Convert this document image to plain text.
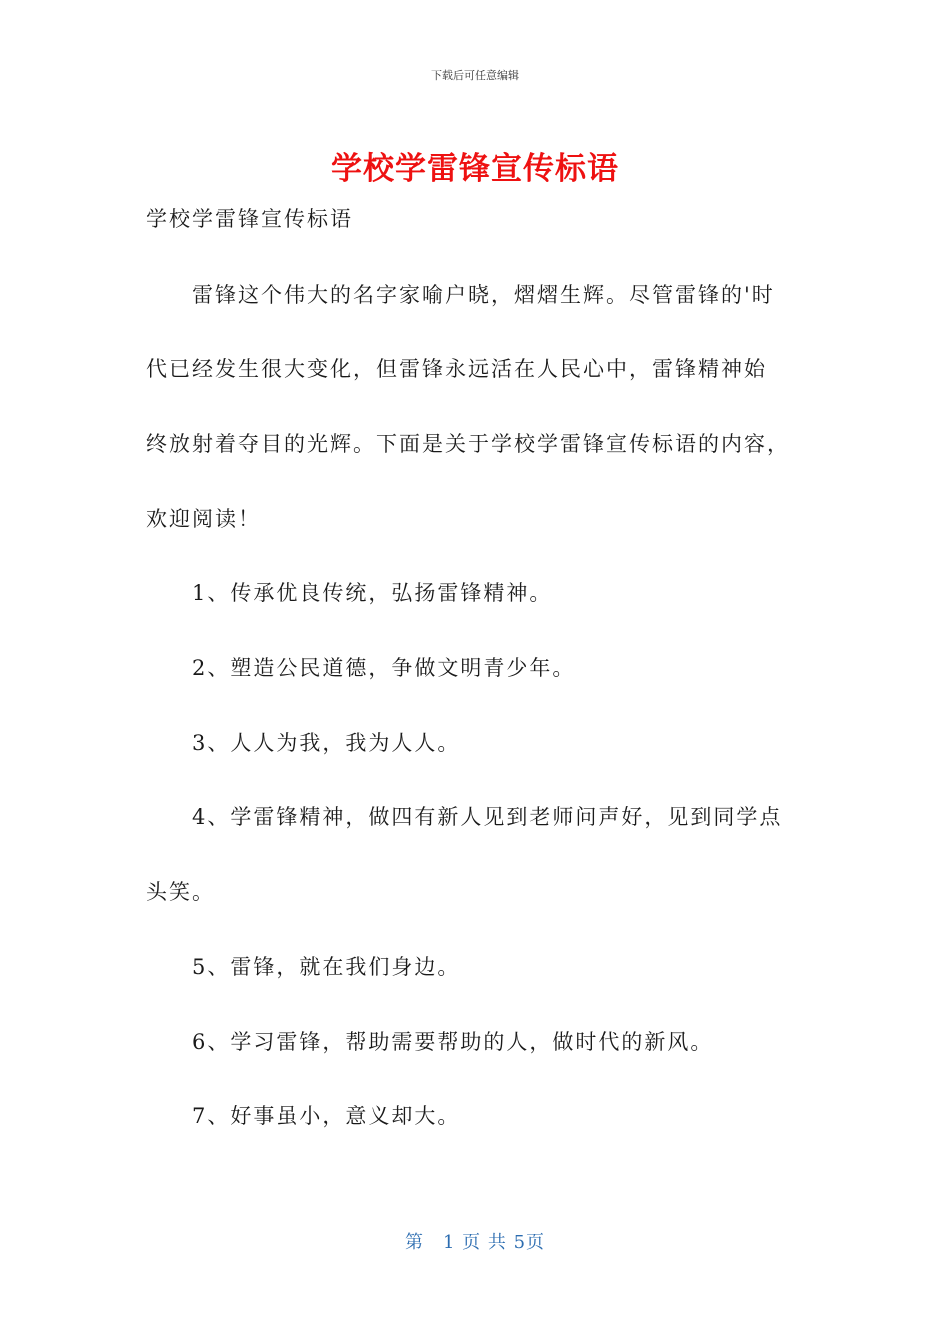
下载后可任意编辑
学校学雷锋宣传标语
学校学雷锋宣传标语
　　雷锋这个伟大的名字家喻户晓，熠熠生辉。尽管雷锋的'时
代已经发生很大变化，但雷锋永远活在人民心中，雷锋精神始
终放射着夺目的光辉。下面是关于学校学雷锋宣传标语的内容，
欢迎阅读！
　　1、传承优良传统，弘扬雷锋精神。
　　2、塑造公民道德，争做文明青少年。
　　3、人人为我，我为人人。
　　4、学雷锋精神，做四有新人见到老师问声好，见到同学点
头笑。
　　5、雷锋，就在我们身边。
　　6、学习雷锋，帮助需要帮助的人，做时代的新风。
　　7、好事虽小，意义却大。
第　1 页 共 5页
